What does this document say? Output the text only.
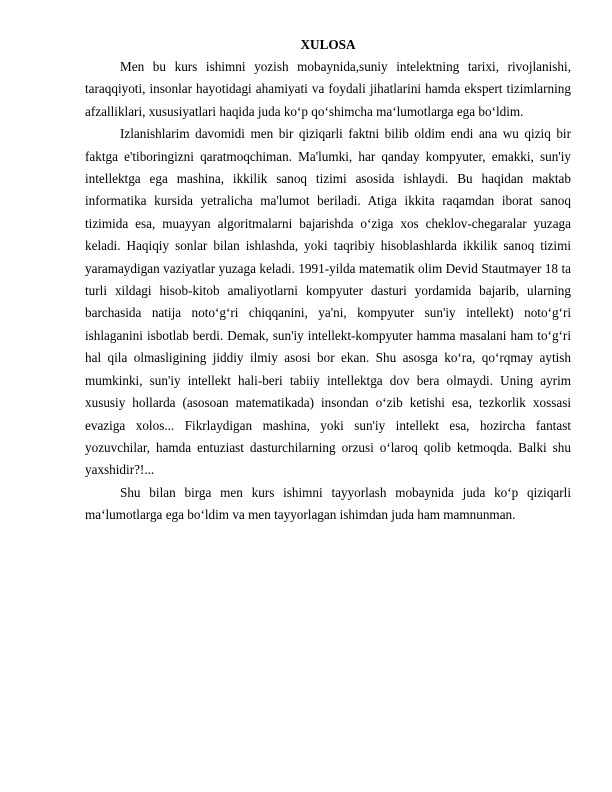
XULOSA

Men bu kurs ishimni yozish mobaynida,suniy intelektning tarixi, rivojlanishi, taraqqiyoti, insonlar hayotidagi ahamiyati va foydali jihatlarini hamda ekspert tizimlarning afzalliklari, xususiyatlari haqida juda ko‘p qo‘shimcha ma‘lumotlarga ega bo‘ldim.

Izlanishlarim davomidi men bir qiziqarli faktni bilib oldim endi ana wu qiziq bir faktga e'tiboringizni qaratmoqchiman. Ma'lumki, har qanday kompyuter, emakki, sun'iy intellektga ega mashina, ikkilik sanoq tizimi asosida ishlaydi. Bu haqidan maktab informatika kursida yetralicha ma'lumot beriladi. Atiga ikkita raqamdan iborat sanoq tizimida esa, muayyan algoritmalarni bajarishda o‘ziga xos cheklov-chegaralar yuzaga keladi. Haqiqiy sonlar bilan ishlashda, yoki taqribiy hisoblashlarda ikkilik sanoq tizimi yaramaydigan vaziyatlar yuzaga keladi. 1991-yilda matematik olim Devid Stautmayer 18 ta turli xildagi hisob-kitob amaliyotlarni kompyuter dasturi yordamida bajarib, ularning barchasida natija noto‘g‘ri chiqqanini, ya'ni, kompyuter sun'iy intellekt) noto‘g‘ri ishlaganini isbotlab berdi. Demak, sun'iy intellekt-kompyuter hamma masalani ham to‘g‘ri hal qila olmasligining jiddiy ilmiy asosi bor ekan. Shu asosga ko‘ra, qo‘rqmay aytish mumkinki, sun'iy intellekt hali-beri tabiiy intellektga dov bera olmaydi. Uning ayrim xususiy hollarda (asosoan matematikada) insondan o‘zib ketishi esa, tezkorlik xossasi evaziga xolos... Fikrlaydigan mashina, yoki sun'iy intellekt esa, hozircha fantast yozuvchilar, hamda entuziast dasturchilarning orzusi o‘laroq qolib ketmoqda. Balki shu yaxshidir?!...

Shu bilan birga men kurs ishimni tayyorlash mobaynida juda ko‘p qiziqarli ma‘lumotlarga ega bo‘ldim va men tayyorlagan ishimdan juda ham mamnunman.
